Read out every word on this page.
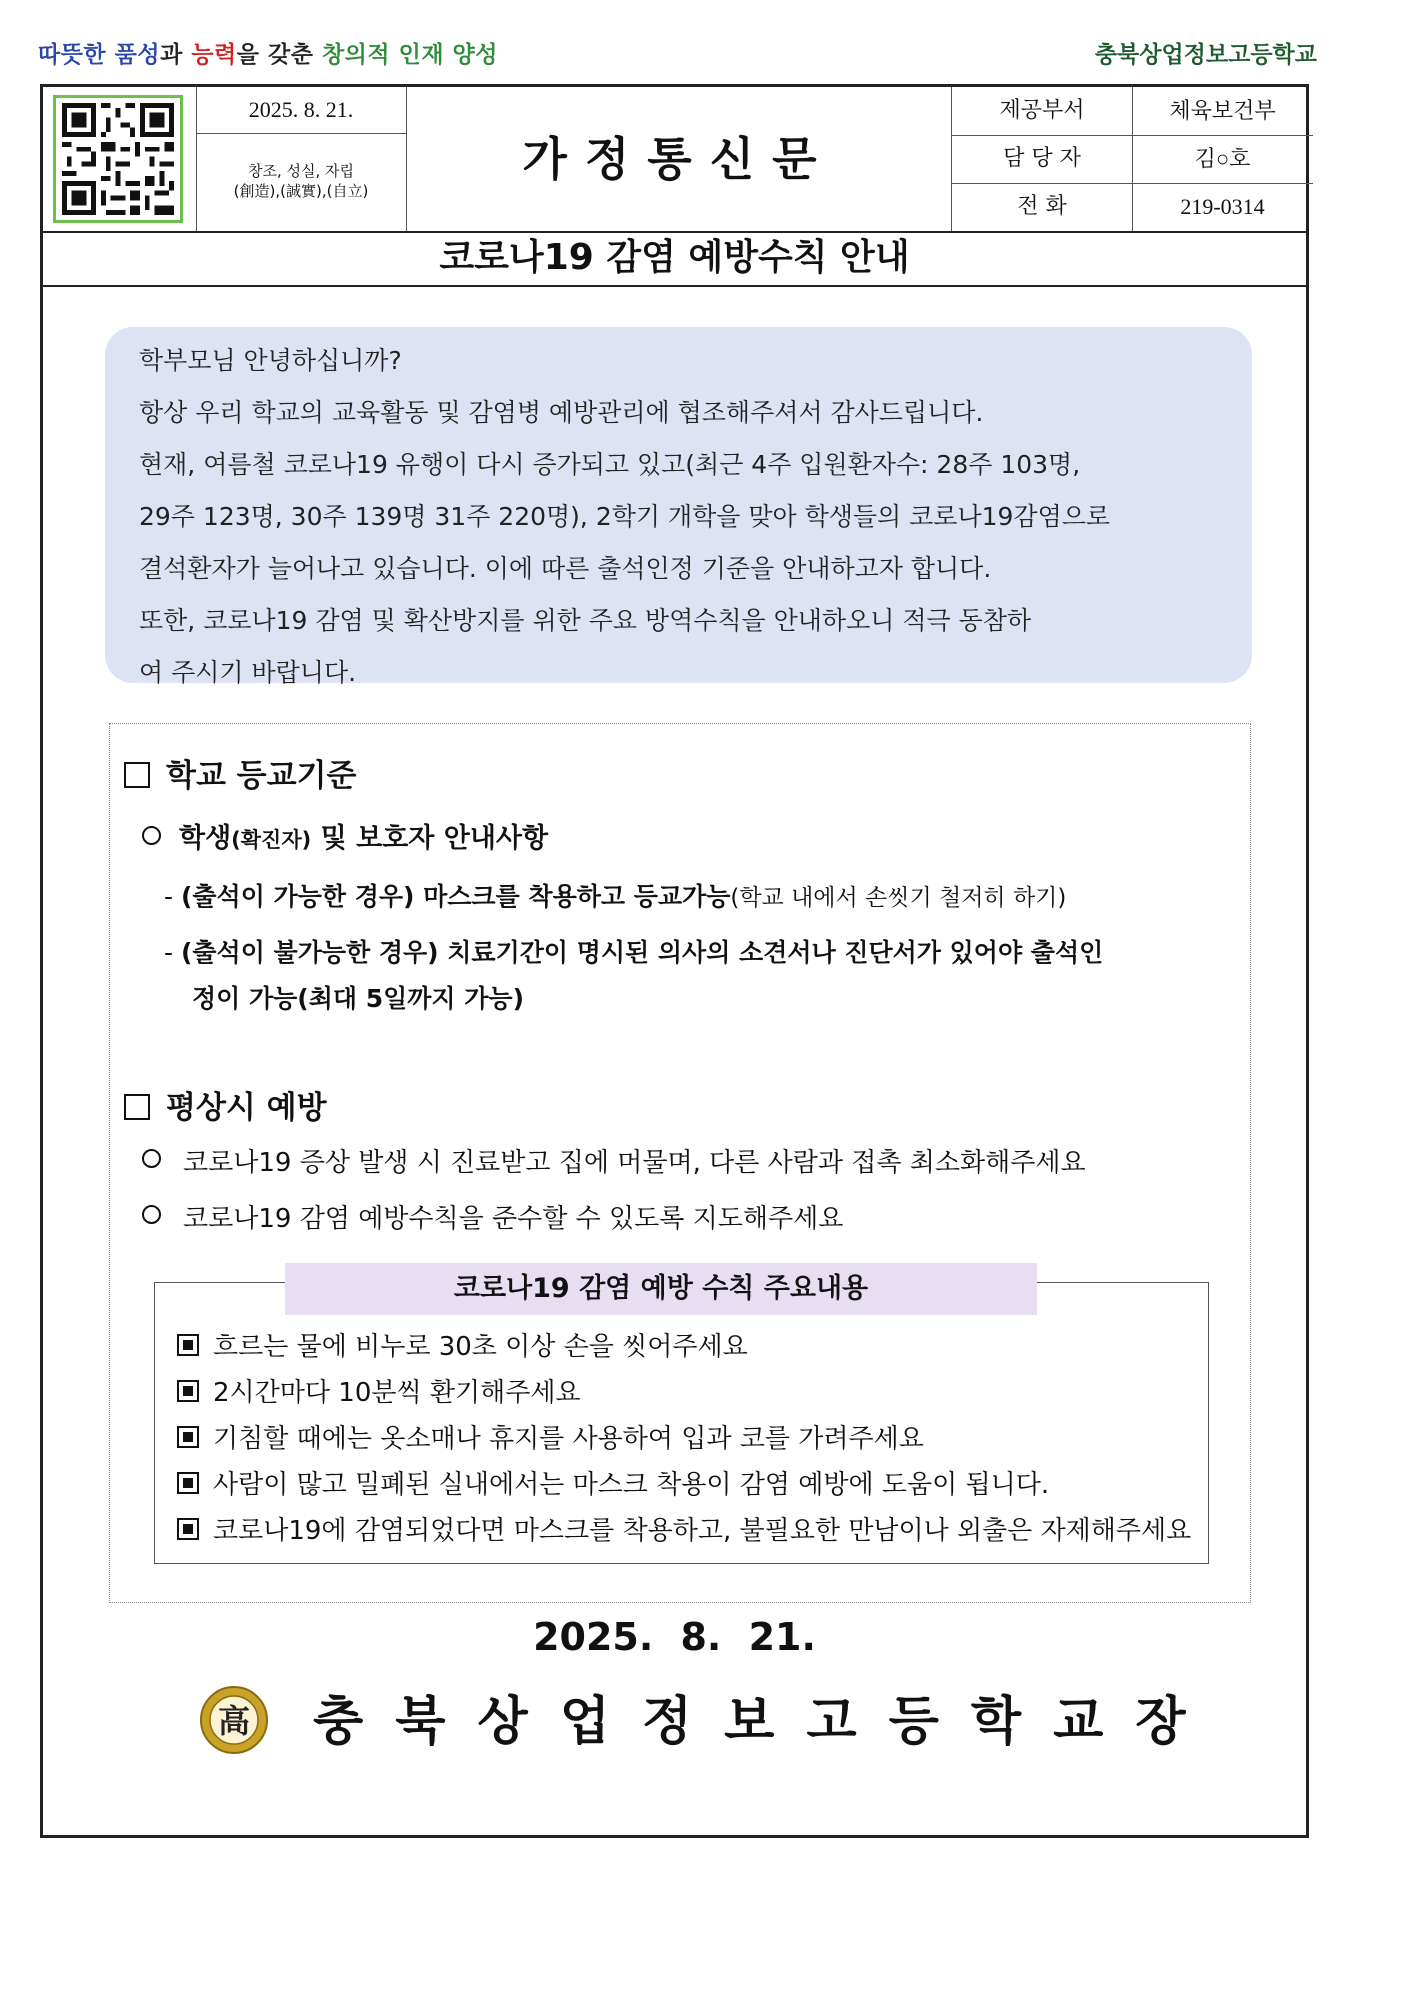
따뜻한 품성과 능력을 갖춘 창의적 인재 양성	충북상업정보고등학교
2025. 8. 21.
창조, 성실, 자립
(創造),(誠實),(自立)
가정통신문
제공부서	체육보건부
담 당 자	김○호
전 화	219-0314
코로나19 감염 예방수칙 안내

학부모님 안녕하십니까?

항상 우리 학교의 교육활동 및 감염병 예방관리에 협조해주셔서 감사드립니다.

현재, 여름철 코로나19 유행이 다시 증가되고 있고(최근 4주 입원환자수: 28주 103명,

29주 123명, 30주 139명 31주 220명), 2학기 개학을 맞아 학생들의 코로나19감염으로

결석환자가 늘어나고 있습니다. 이에 따른 출석인정 기준을 안내하고자 합니다.

또한, 코로나19 감염 및 확산방지를 위한 주요 방역수칙을 안내하오니 적극 동참하

여 주시기 바랍니다.

학교 등교기준
학생(확진자) 및 보호자 안내사항
- (출석이 가능한 경우) 마스크를 착용하고 등교가능(학교 내에서 손씻기 철저히 하기)
- (출석이 불가능한 경우) 치료기간이 명시된 의사의 소견서나 진단서가 있어야 출석인
정이 가능(최대 5일까지 가능)
평상시 예방
코로나19 증상 발생 시 진료받고 집에 머물며, 다른 사람과 접촉 최소화해주세요
코로나19 감염 예방수칙을 준수할 수 있도록 지도해주세요
코로나19 감염 예방 수칙 주요내용
흐르는 물에 비누로 30초 이상 손을 씻어주세요
2시간마다 10분씩 환기해주세요
기침할 때에는 옷소매나 휴지를 사용하여 입과 코를 가려주세요
사람이 많고 밀폐된 실내에서는 마스크 착용이 감염 예방에 도움이 됩니다.
코로나19에 감염되었다면 마스크를 착용하고, 불필요한 만남이나 외출은 자제해주세요
2025. 8. 21.
高 충북상업정보고등학교장
